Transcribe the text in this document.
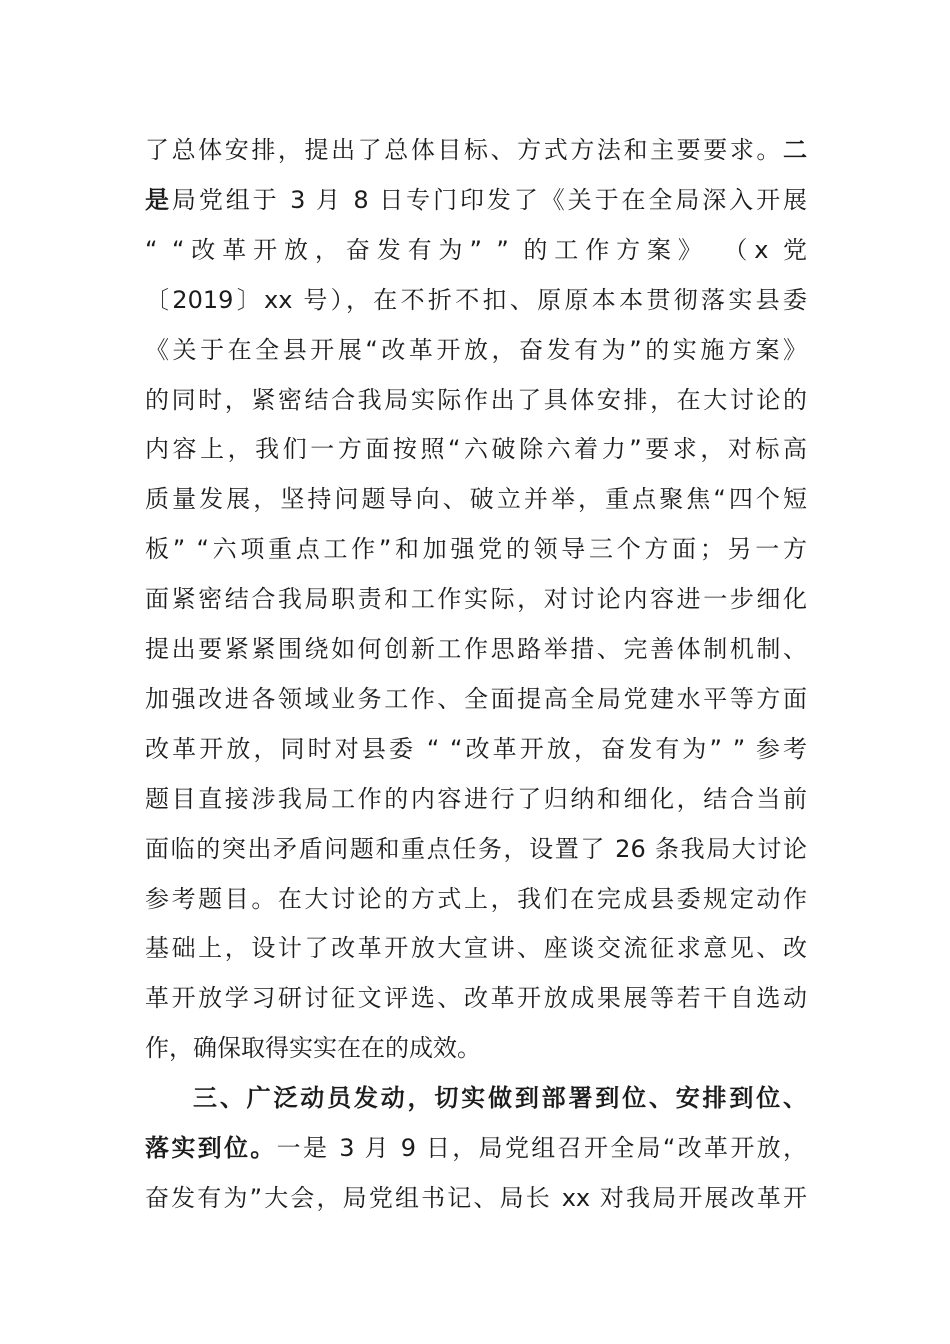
了总体安排，提出了总体目标、方式方法和主要要求。二
是局党组于 3 月 8 日专门印发了《关于在全局深入开展
“ “改革开放，奋发有为” ” 的工作方案》 （x 党
〔2019〕xx 号），在不折不扣、原原本本贯彻落实县委
《关于在全县开展“改革开放，奋发有为”的实施方案》
的同时，紧密结合我局实际作出了具体安排，在大讨论的
内容上，我们一方面按照“六破除六着力”要求，对标高
质量发展，坚持问题导向、破立并举，重点聚焦“四个短
板” “六项重点工作”和加强党的领导三个方面；另一方
面紧密结合我局职责和工作实际，对讨论内容进一步细化
提出要紧紧围绕如何创新工作思路举措、完善体制机制、
加强改进各领域业务工作、全面提高全局党建水平等方面
改革开放，同时对县委 “ “改革开放，奋发有为” ” 参考
题目直接涉我局工作的内容进行了归纳和细化，结合当前
面临的突出矛盾问题和重点任务，设置了 26 条我局大讨论
参考题目。在大讨论的方式上，我们在完成县委规定动作
基础上，设计了改革开放大宣讲、座谈交流征求意见、改
革开放学习研讨征文评选、改革开放成果展等若干自选动
作，确保取得实实在在的成效。
三、广泛动员发动，切实做到部署到位、安排到位、
落实到位。一是 3 月 9 日，局党组召开全局“改革开放，
奋发有为”大会，局党组书记、局长 xx 对我局开展改革开
